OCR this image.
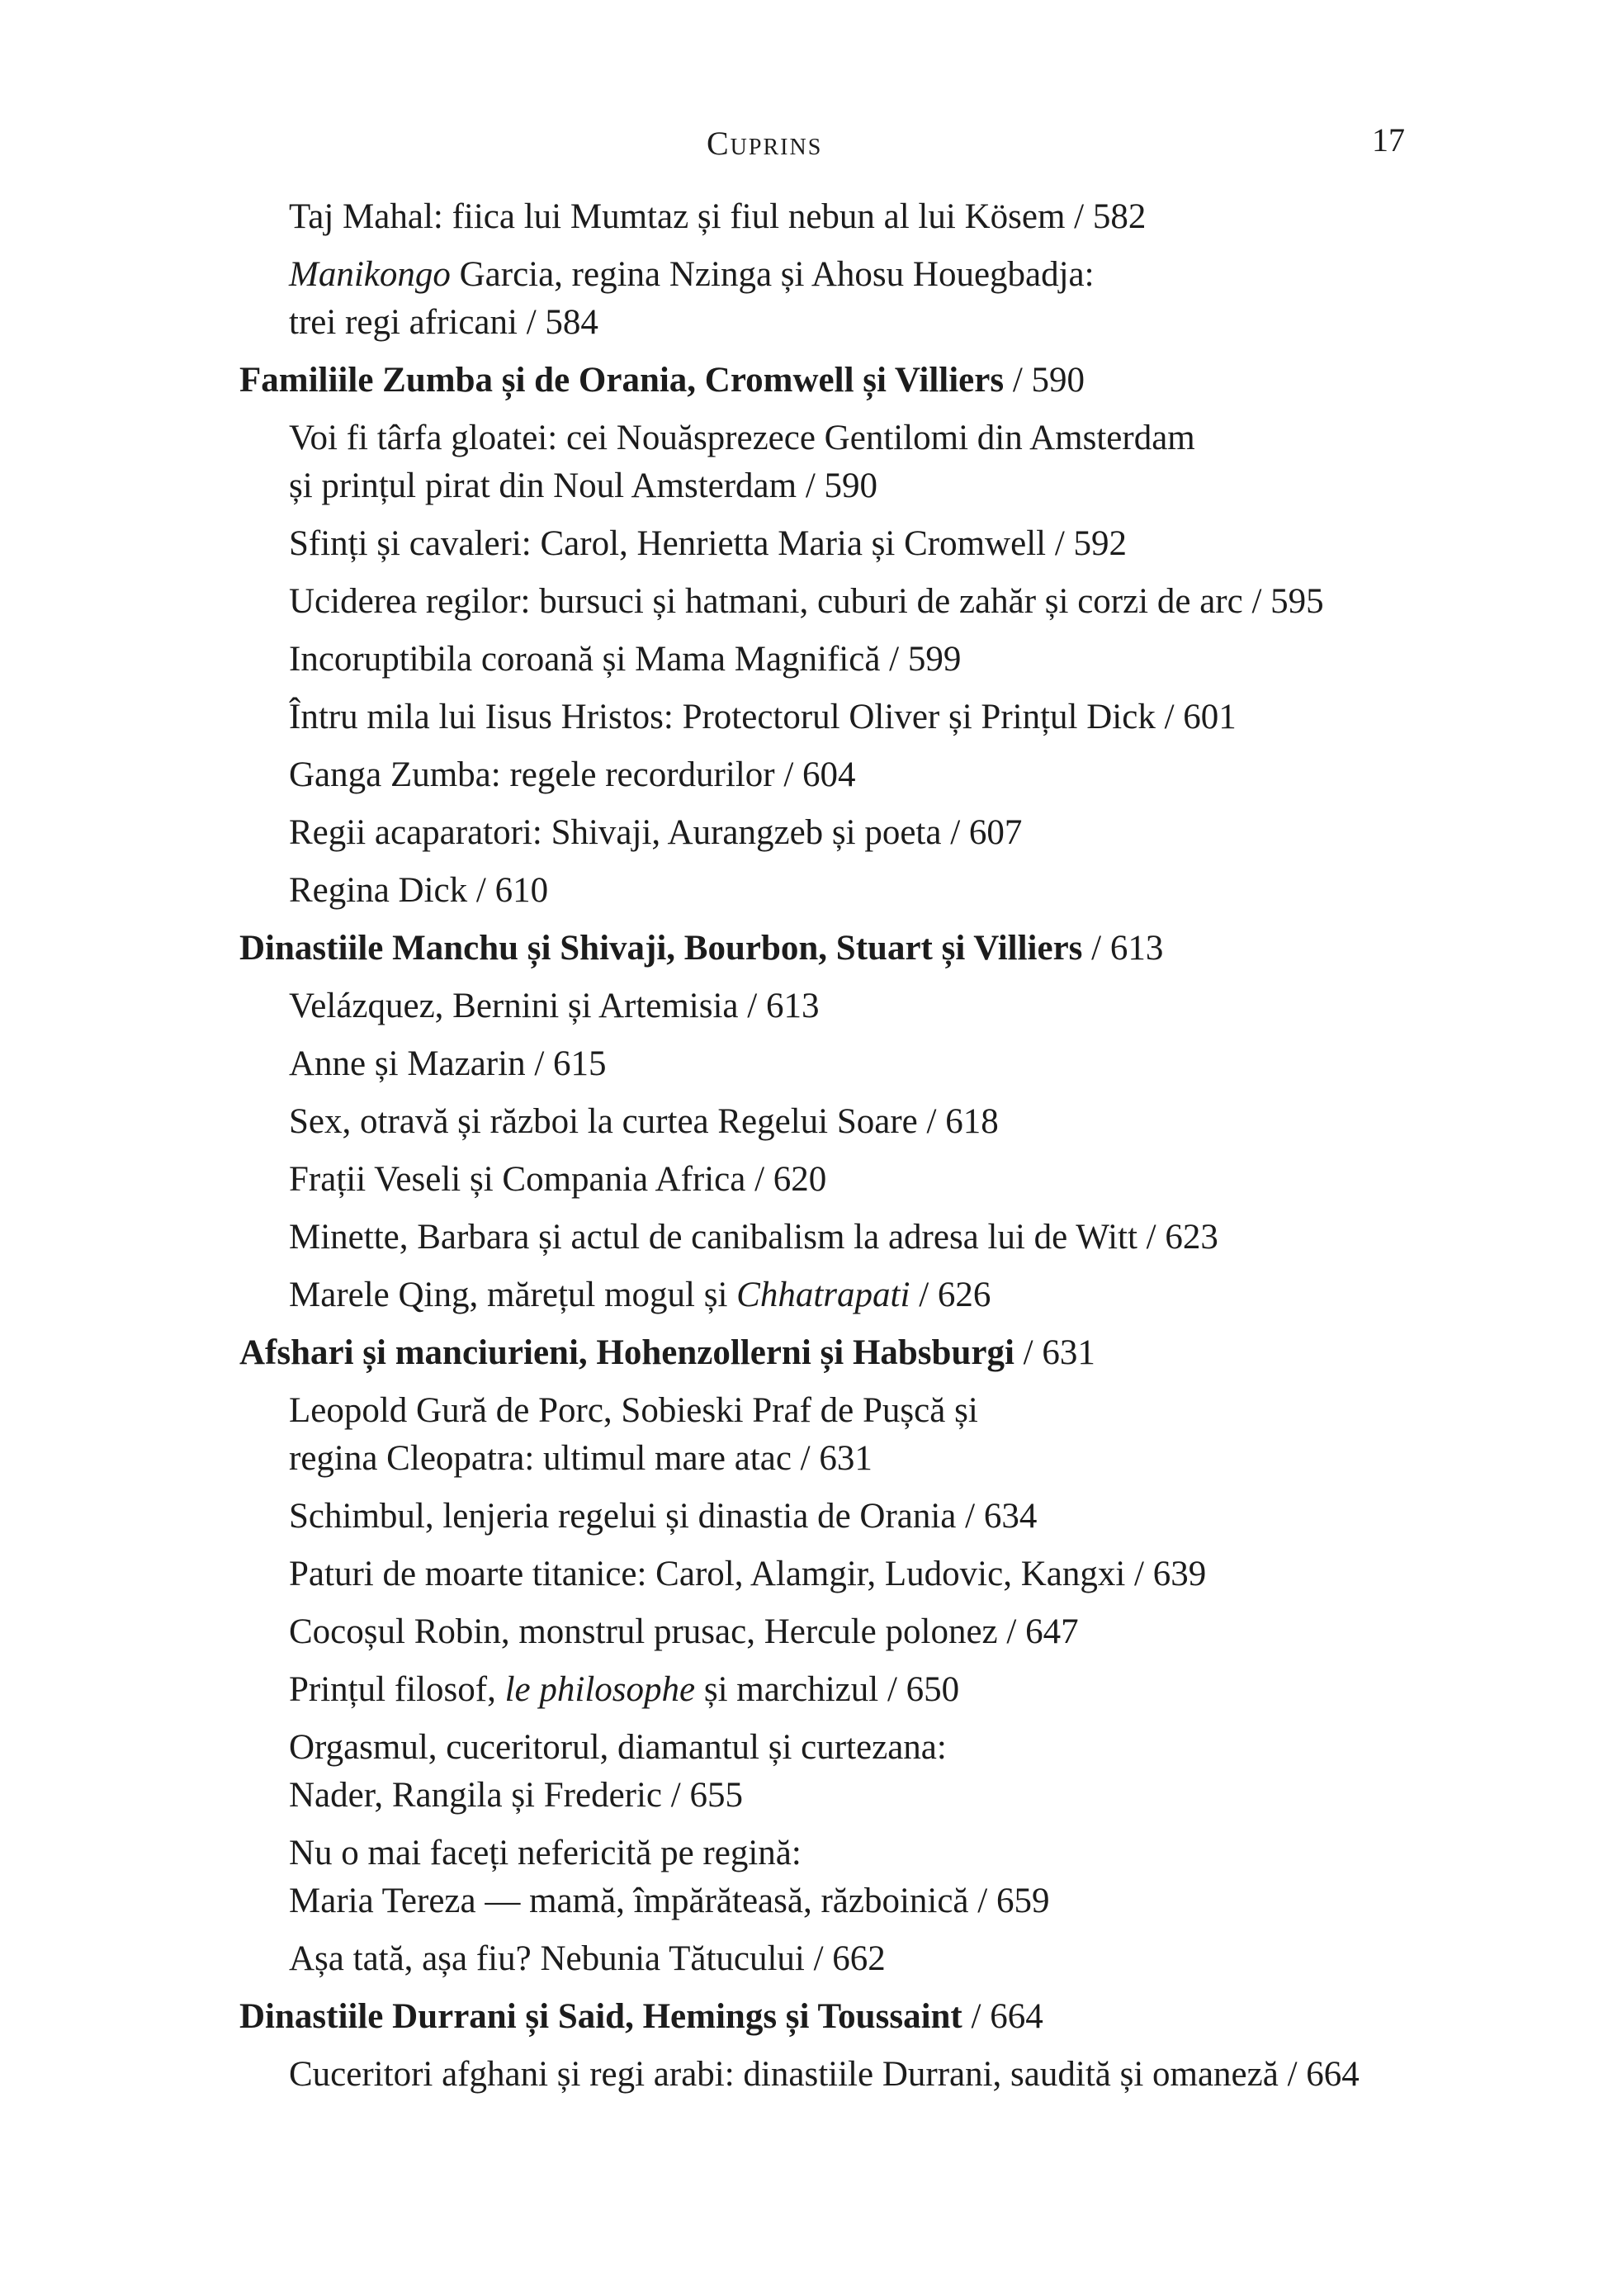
Cuprins	17
Taj Mahal: fiica lui Mumtaz și fiul nebun al lui Kösem / 582
Manikongo Garcia, regina Nzinga și Ahosu Houegbadja:
trei regi africani / 584
Familiile Zumba și de Orania, Cromwell și Villiers / 590
Voi fi târfa gloatei: cei Nouăsprezece Gentilomi din Amsterdam
și prințul pirat din Noul Amsterdam / 590
Sfinți și cavaleri: Carol, Henrietta Maria și Cromwell / 592
Uciderea regilor: bursuci și hatmani, cuburi de zahăr și corzi de arc / 595
Incoruptibila coroană și Mama Magnifică / 599
Întru mila lui Iisus Hristos: Protectorul Oliver și Prințul Dick / 601
Ganga Zumba: regele recordurilor / 604
Regii acaparatori: Shivaji, Aurangzeb și poeta / 607
Regina Dick / 610
Dinastiile Manchu și Shivaji, Bourbon, Stuart și Villiers / 613
Velázquez, Bernini și Artemisia / 613
Anne și Mazarin / 615
Sex, otravă și război la curtea Regelui Soare / 618
Frații Veseli și Compania Africa / 620
Minette, Barbara și actul de canibalism la adresa lui de Witt / 623
Marele Qing, mărețul mogul și Chhatrapati / 626
Afshari și manciurieni, Hohenzollerni și Habsburgi / 631
Leopold Gură de Porc, Sobieski Praf de Pușcă și
regina Cleopatra: ultimul mare atac / 631
Schimbul, lenjeria regelui și dinastia de Orania / 634
Paturi de moarte titanice: Carol, Alamgir, Ludovic, Kangxi / 639
Cocoșul Robin, monstrul prusac, Hercule polonez / 647
Prințul filosof, le philosophe și marchizul / 650
Orgasmul, cuceritorul, diamantul și curtezana:
Nader, Rangila și Frederic / 655
Nu o mai faceți nefericită pe regină:
Maria Tereza — mamă, împărăteasă, războinică / 659
Așa tată, așa fiu? Nebunia Tătucului / 662
Dinastiile Durrani și Said, Hemings și Toussaint / 664
Cuceritori afghani și regi arabi: dinastiile Durrani, saudită și omaneză / 664
